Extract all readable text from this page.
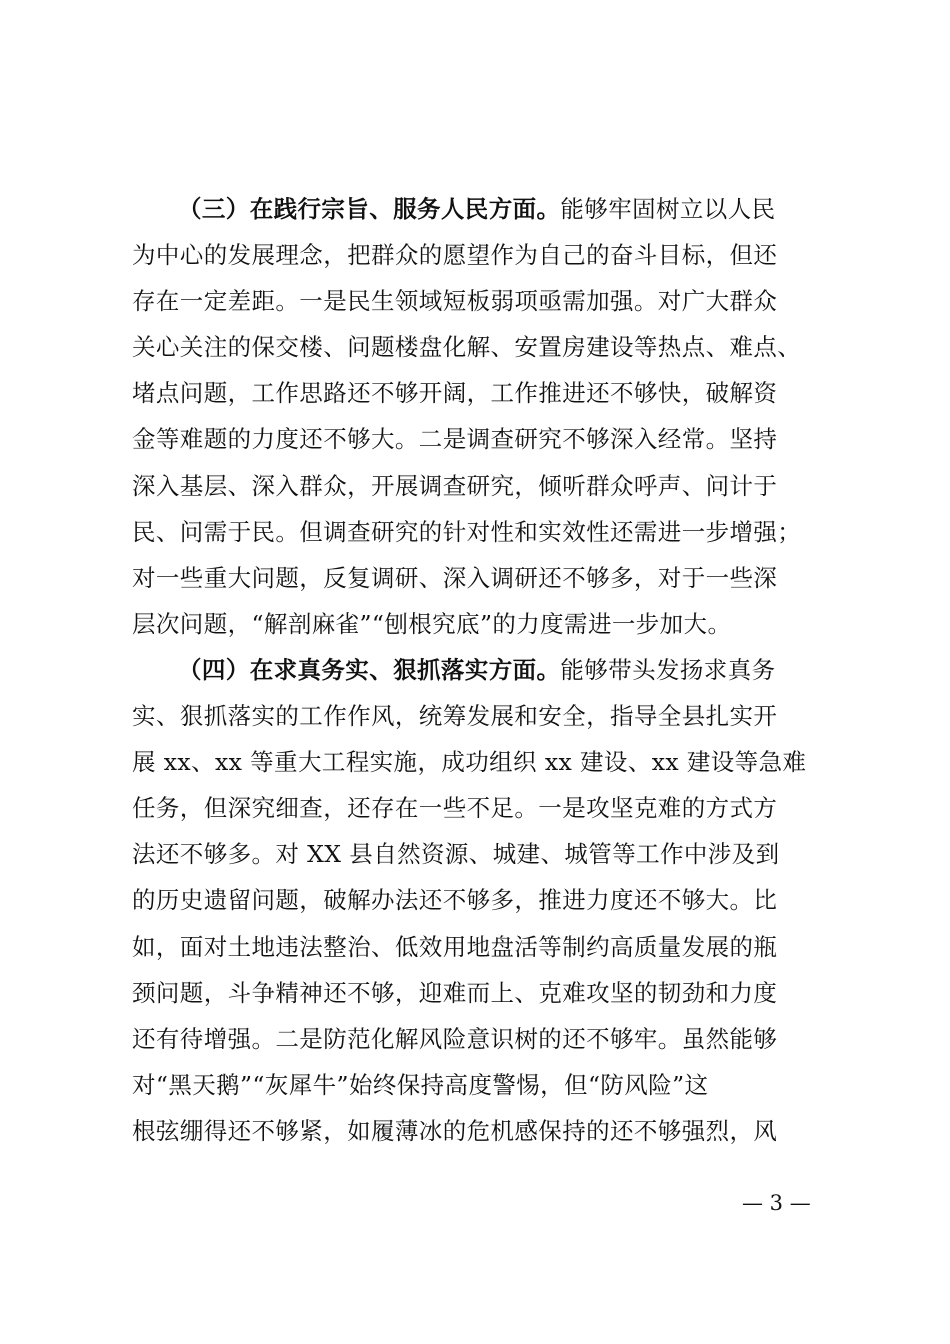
（三）在践行宗旨、服务人民方面。能够牢固树立以人民
为中心的发展理念，把群众的愿望作为自己的奋斗目标，但还
存在一定差距。一是民生领域短板弱项亟需加强。对广大群众
关心关注的保交楼、问题楼盘化解、安置房建设等热点、难点、
堵点问题，工作思路还不够开阔，工作推进还不够快，破解资
金等难题的力度还不够大。二是调查研究不够深入经常。坚持
深入基层、深入群众，开展调查研究，倾听群众呼声、问计于
民、问需于民。但调查研究的针对性和实效性还需进一步增强；
对一些重大问题，反复调研、深入调研还不够多，对于一些深
层次问题，“解剖麻雀”“刨根究底”的力度需进一步加大。
（四）在求真务实、狠抓落实方面。能够带头发扬求真务
实、狠抓落实的工作作风，统筹发展和安全，指导全县扎实开
展 xx、xx 等重大工程实施，成功组织 xx 建设、xx 建设等急难
任务，但深究细查，还存在一些不足。一是攻坚克难的方式方
法还不够多。对 XX 县自然资源、城建、城管等工作中涉及到
的历史遗留问题，破解办法还不够多，推进力度还不够大。比
如，面对土地违法整治、低效用地盘活等制约高质量发展的瓶
颈问题，斗争精神还不够，迎难而上、克难攻坚的韧劲和力度
还有待增强。二是防范化解风险意识树的还不够牢。虽然能够
对“黑天鹅”“灰犀牛”始终保持高度警惕，但“防风险”这
根弦绷得还不够紧，如履薄冰的危机感保持的还不够强烈，风
— 3 —
